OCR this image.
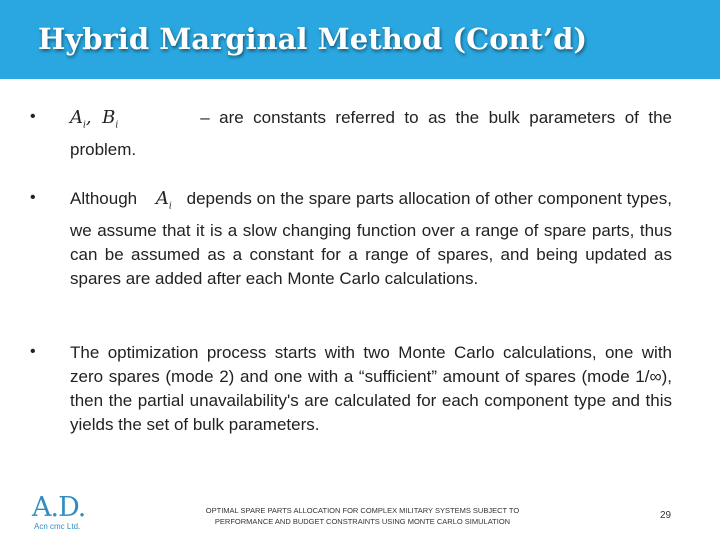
Hybrid Marginal Method (Cont’d)
• $A_i$, $B_i$	– are constants referred to as the bulk parameters of the problem.

• Although $A_i$ depends on the spare parts allocation of other component types, we assume that it is a slow changing function over a range of spare parts, thus can be assumed as a constant for a range of spares, and being updated as spares are added after each Monte Carlo calculations.

• The optimization process starts with two Monte Carlo calculations, one with zero spares (mode 2) and one with a “sufficient” amount of spares (mode 1/∞), then the partial unavailability's are calculated for each component type and this yields the set of bulk parameters.

A.D.
Acn cmc Ltd.
OPTIMAL SPARE PARTS ALLOCATION FOR COMPLEX MILITARY SYSTEMS SUBJECT TO
PERFORMANCE AND BUDGET CONSTRAINTS USING MONTE CARLO SIMULATION
29
